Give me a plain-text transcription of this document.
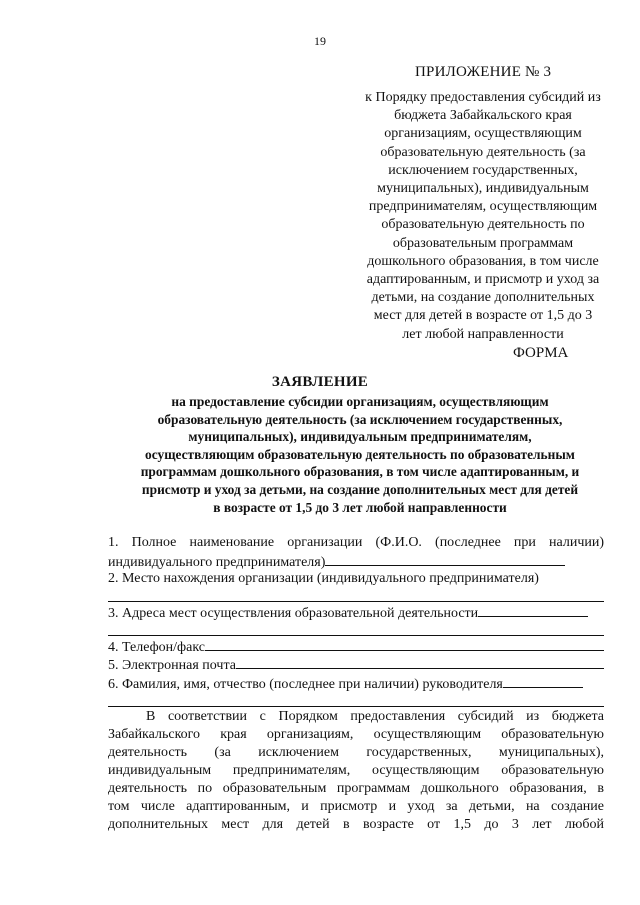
19
ПРИЛОЖЕНИЕ № 3
к Порядку предоставления субсидий из
бюджета Забайкальского края
организациям, осуществляющим
образовательную деятельность (за
исключением государственных,
муниципальных), индивидуальным
предпринимателям, осуществляющим
образовательную деятельность по
образовательным программам
дошкольного образования, в том числе
адаптированным, и присмотр и уход за
детьми, на создание дополнительных
мест для детей в возрасте от 1,5 до 3
лет любой направленности
ФОРМА
ЗАЯВЛЕНИЕ
на предоставление субсидии организациям, осуществляющим
образовательную деятельность (за исключением государственных,
муниципальных), индивидуальным предпринимателям,
осуществляющим образовательную деятельность по образовательным
программам дошкольного образования, в том числе адаптированным, и
присмотр и уход за детьми, на создание дополнительных мест для детей
в возрасте от 1,5 до 3 лет любой направленности
1. Полное наименование организации (Ф.И.О. (последнее при наличии)
индивидуального предпринимателя)
2. Место нахождения организации (индивидуального предпринимателя)
3. Адреса мест осуществления образовательной деятельности
4. Телефон/факс
5. Электронная почта
6. Фамилия, имя, отчество (последнее при наличии) руководителя
В соответствии с Порядком предоставления субсидий из бюджета
Забайкальского края организациям, осуществляющим образовательную
деятельность (за исключением государственных, муниципальных),
индивидуальным предпринимателям, осуществляющим образовательную
деятельность по образовательным программам дошкольного образования, в
том числе адаптированным, и присмотр и уход за детьми, на создание
дополнительных мест для детей в возрасте от 1,5 до 3 лет любой
